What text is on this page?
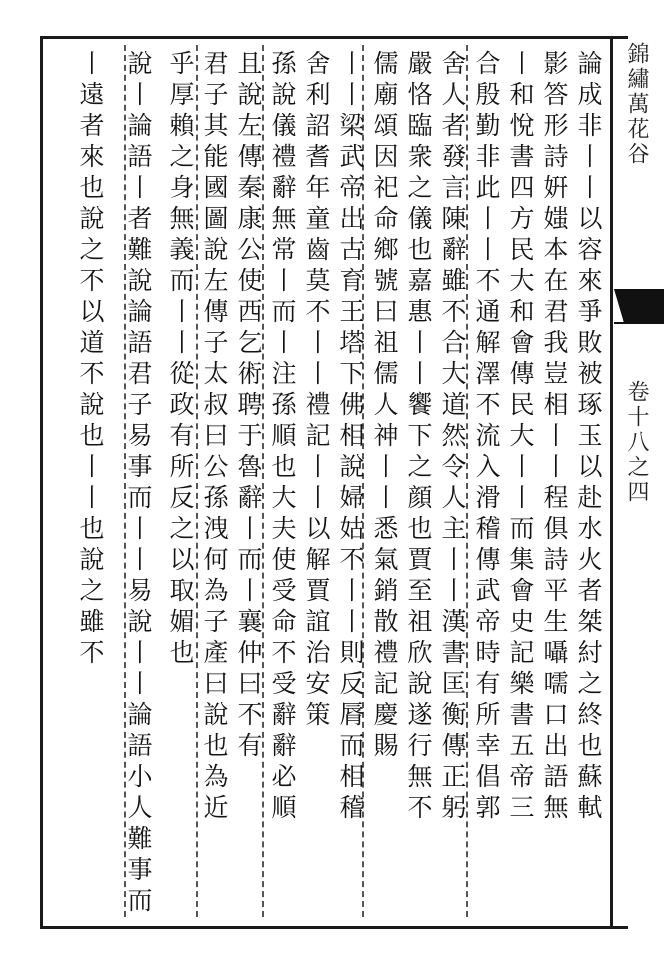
錦繡萬花谷
卷十八之四
論成非丨丨以容來爭敗被琢玉以赴水火者桀紂之終也蘇軾
影答形詩姸媸本在君我豈相丨丨程俱詩平生囁嚅口出語無
丨和悅書四方民大和會傳民大丨丨而集會史記樂書五帝三
合殷勤非此丨丨不通解澤不流入滑稽傳武帝時有所幸倡郭
舍人者發言陳辭雖不合大道然令人主丨丨漢書匡衡傳正躬
嚴恪臨衆之儀也嘉惠丨丨饗下之顔也賈至祖欣說遂行無不
儒廟頌因祀命鄉號曰祖儒人神丨丨悉氣銷散禮記慶賜
丨丨梁武帝出古育王塔下佛相說婦姑不丨丨則反脣而相稽
舍利詔耆年童齒莫不丨丨禮記丨丨以解賈誼治安策
孫說儀禮辭無常丨而丨注孫順也大夫使受命不受辭辭必順
且說左傳秦康公使西乞術聘于魯辭丨而丨襄仲曰不有
君子其能國圖說左傳子太叔曰公孫洩何為子產曰說也為近
乎厚賴之身無義而丨丨從政有所反之以取媚也
說丨論語丨者難說論語君子易事而丨丨易說丨丨論語小人難事而
丨遠者來也說之不以道不說也丨丨也說之雖不
